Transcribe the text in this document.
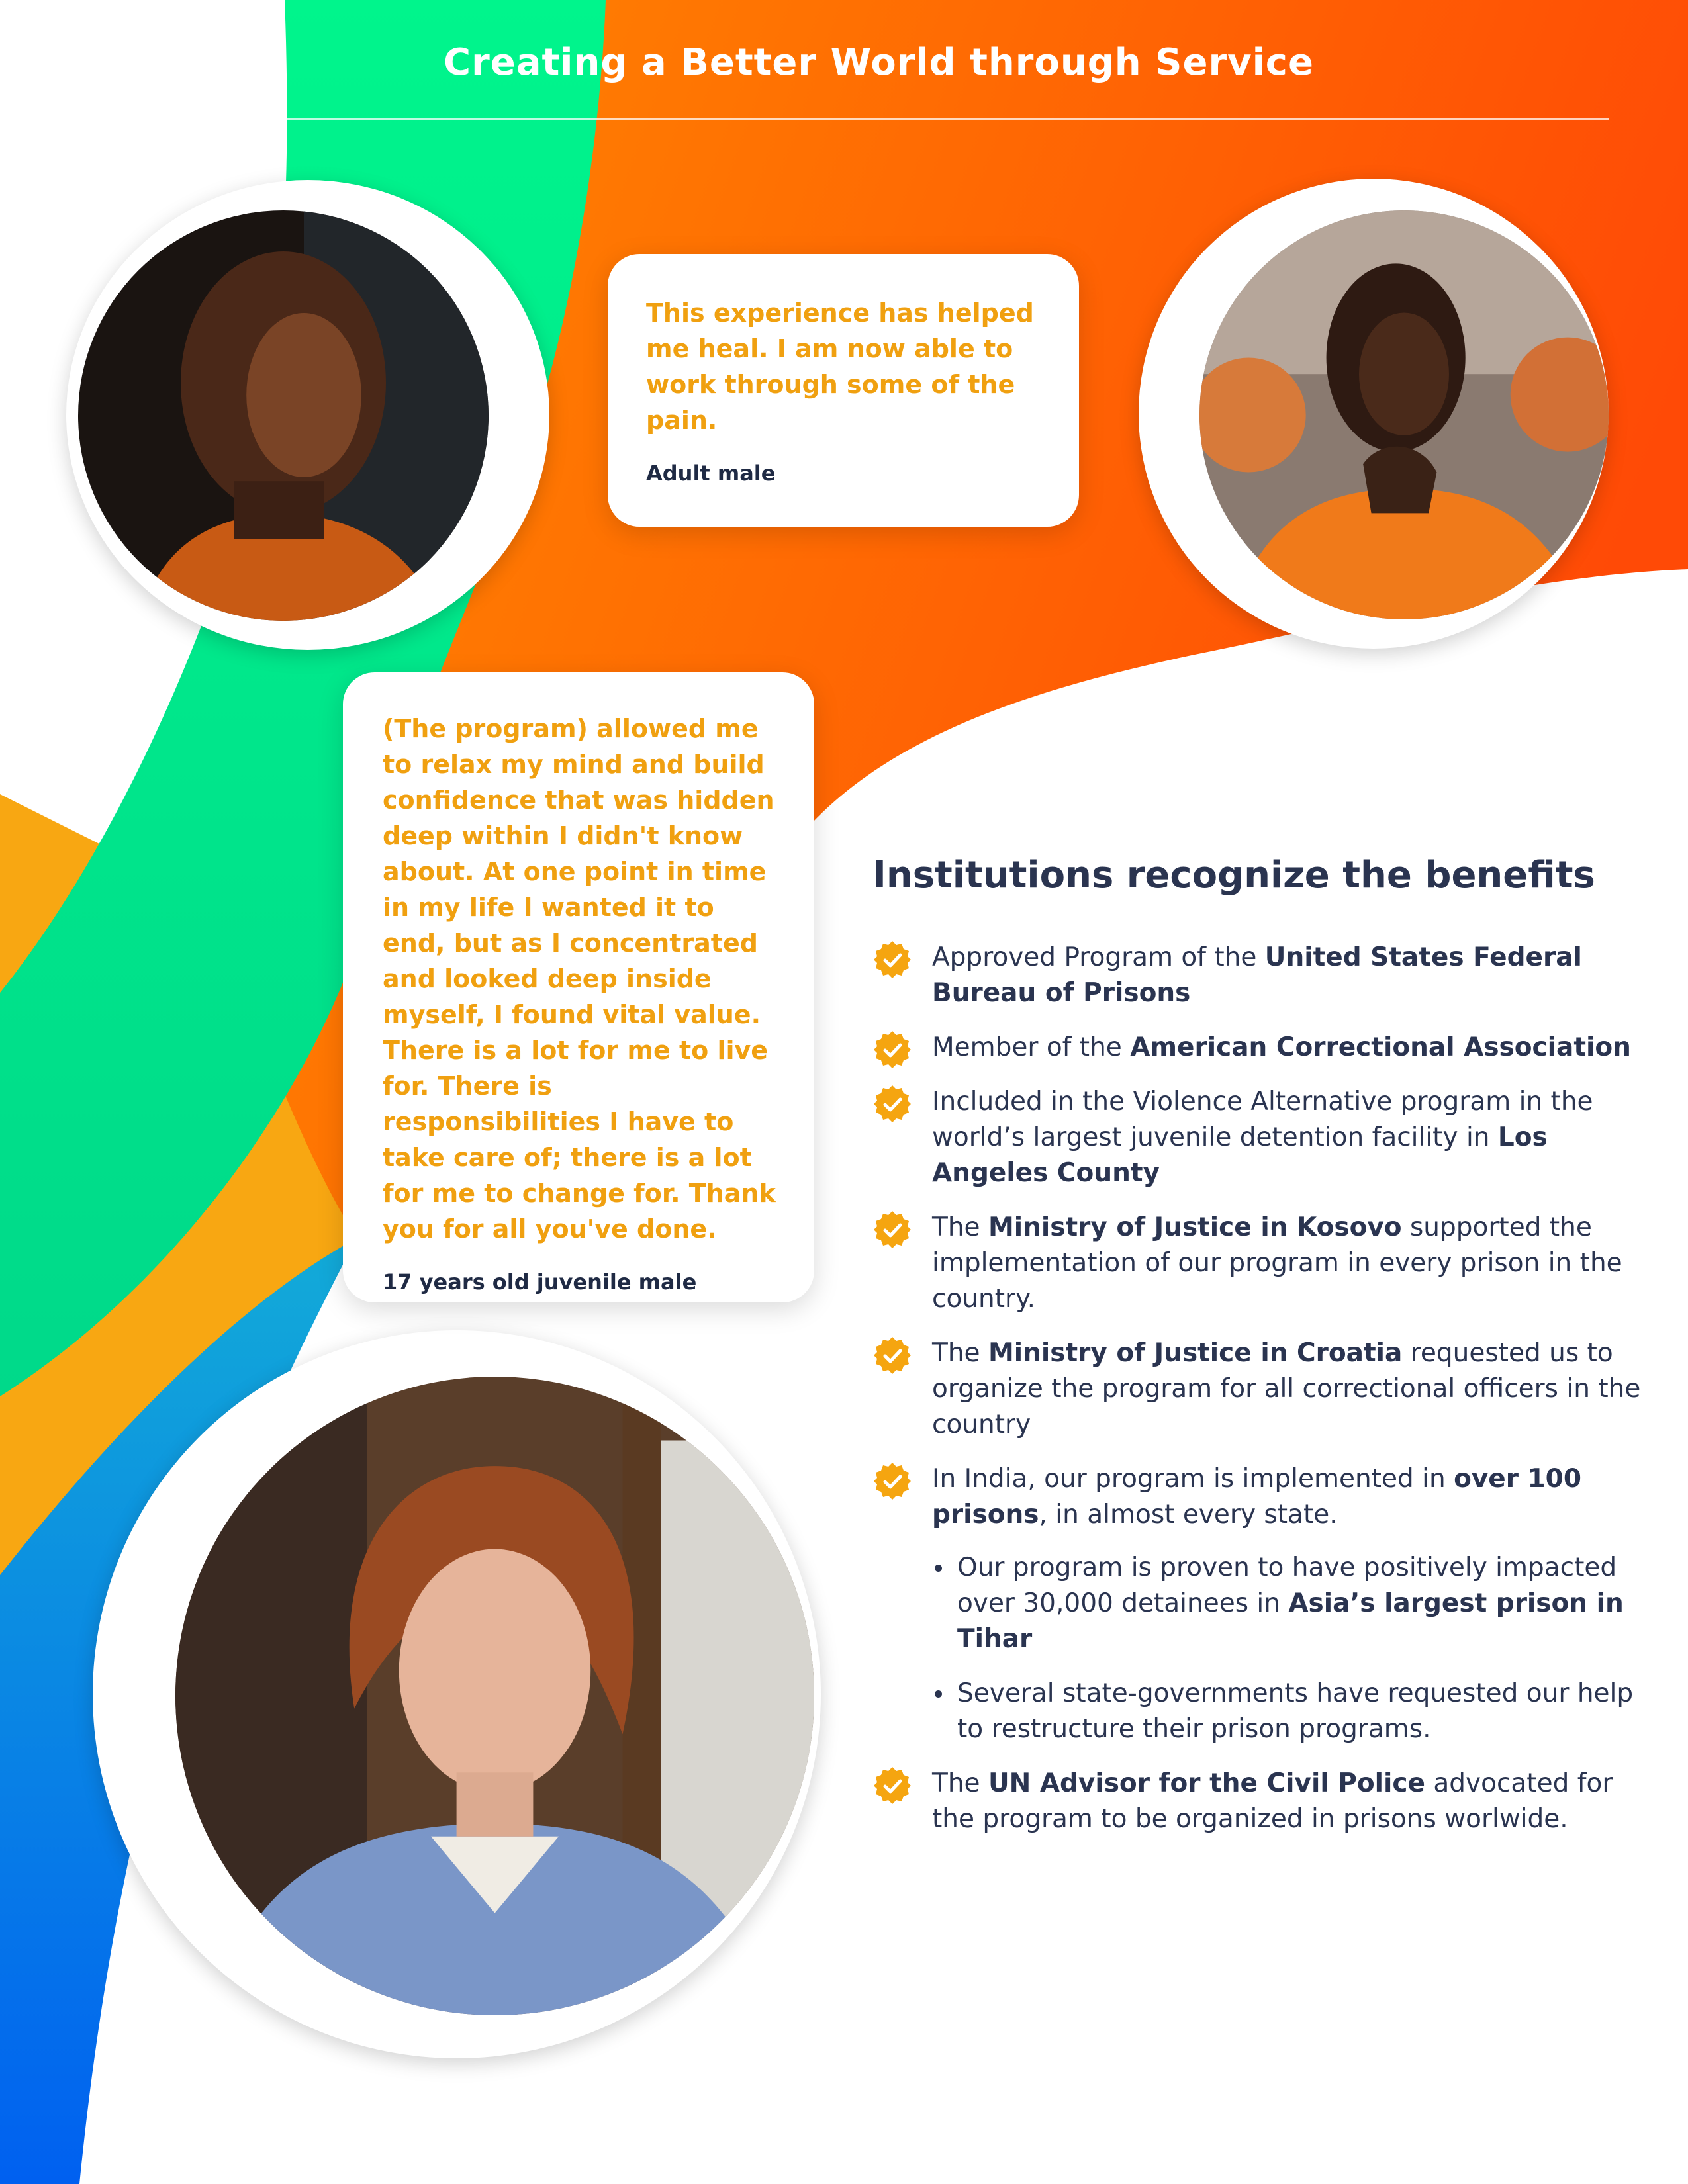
Creating a Better World through Service

This experience has helped me heal. I am now able to work through some of the pain.

Adult male

(The program) allowed me to relax my mind and build confidence that was hidden deep within I didn't know about. At one point in time in my life I wanted it to end, but as I concentrated and looked deep inside myself, I found vital value. There is a lot for me to live for. There is responsibilities I have to take care of; there is a lot for me to change for. Thank you for all you've done.

17 years old juvenile male
Institutions recognize the benefits
Approved Program of the United States Federal Bureau of Prisons
Member of the American Correctional Association
Included in the Violence Alternative program in the world’s largest juvenile detention facility in Los Angeles County
The Ministry of Justice in Kosovo supported the implementation of our program in every prison in the country.
The Ministry of Justice in Croatia requested us to organize the program for all correctional officers in the country
In India, our program is implemented in over 100 prisons, in almost every state.
Our program is proven to have positively impacted over 30,000 detainees in Asia’s largest prison in Tihar
Several state-governments have requested our help to restructure their prison programs.
The UN Advisor for the Civil Police advocated for the program to be organized in prisons worlwide.
